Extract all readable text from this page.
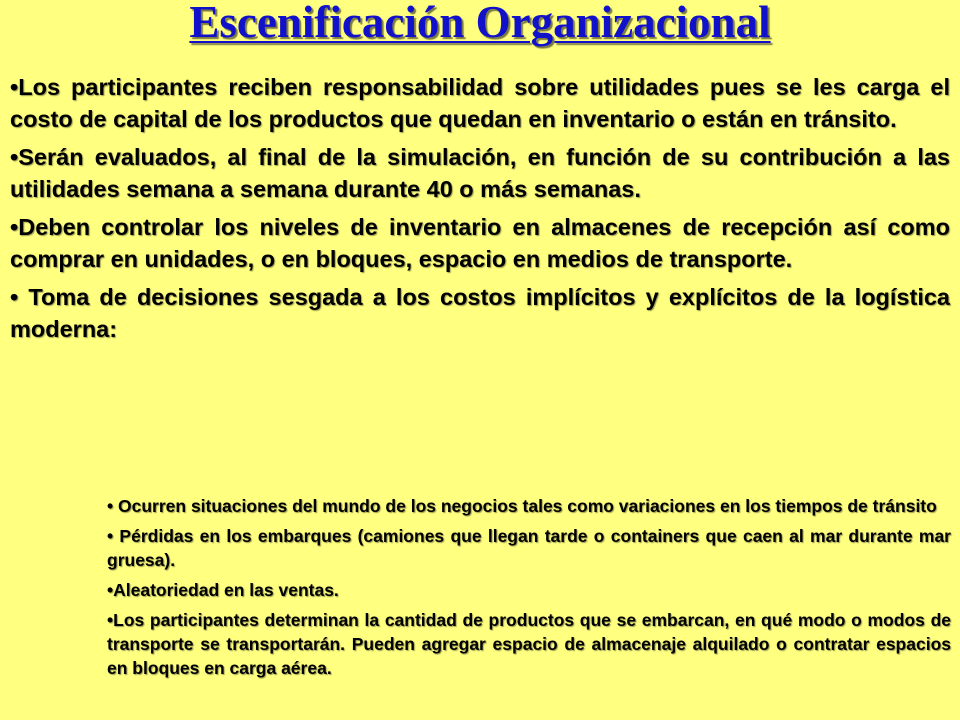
Escenificación Organizacional
•Los participantes reciben responsabilidad sobre utilidades pues se les carga el costo de capital de los productos que quedan en inventario o están en tránsito.
•Serán evaluados, al final de la simulación, en función de su contribución a las utilidades semana a semana durante 40 o más semanas.
•Deben controlar los niveles de inventario en almacenes de recepción así como comprar en unidades, o en bloques, espacio en medios de transporte.
• Toma de decisiones sesgada a los costos implícitos y explícitos de la logística moderna:
• Ocurren situaciones del mundo de los negocios tales como variaciones en los tiempos de tránsito
• Pérdidas en los embarques (camiones que llegan tarde o containers que caen al mar durante mar gruesa).
•Aleatoriedad en las ventas.
•Los participantes determinan la cantidad de productos que se embarcan, en qué modo o modos de transporte se transportarán. Pueden agregar espacio de almacenaje alquilado o contratar espacios en bloques en carga aérea.
